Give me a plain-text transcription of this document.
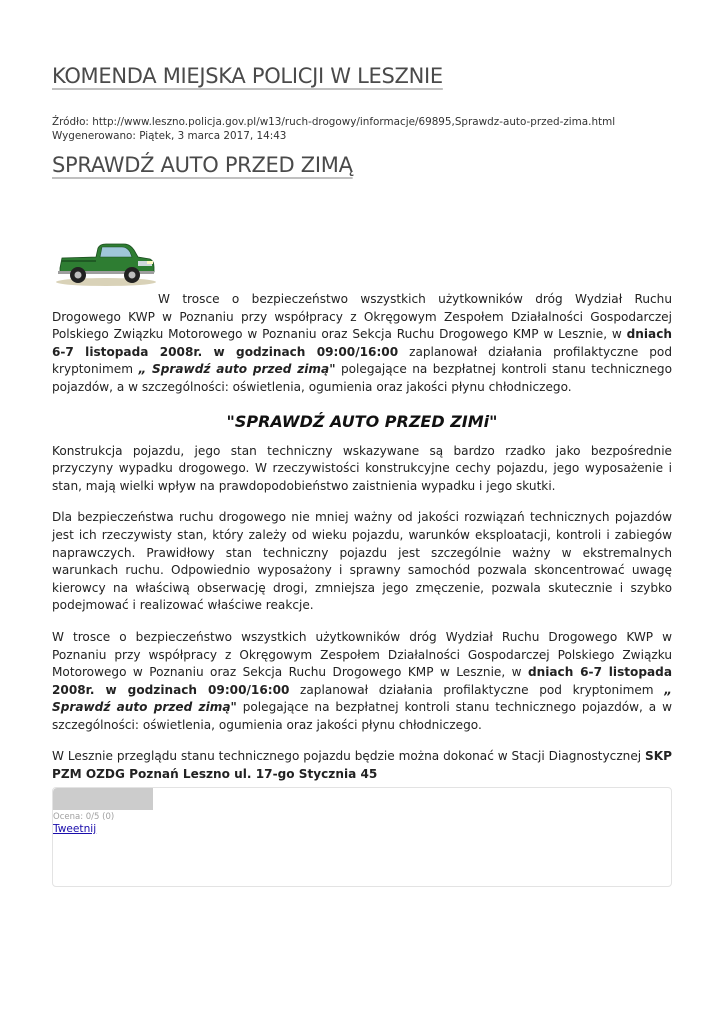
KOMENDA MIEJSKA POLICJI W LESZNIE
Źródło: http://www.leszno.policja.gov.pl/w13/ruch-drogowy/informacje/69895,Sprawdz-auto-przed-zima.html
Wygenerowano: Piątek, 3 marca 2017, 14:43
SPRAWDŹ AUTO PRZED ZIMĄ

W trosce o bezpieczeństwo wszystkich użytkowników dróg Wydział Ruchu Drogowego KWP w Poznaniu przy współpracy z Okręgowym Zespołem Działalności Gospodarczej Polskiego Związku Motorowego w Poznaniu oraz Sekcja Ruchu Drogowego KMP w Lesznie, w dniach 6-7 listopada 2008r. w godzinach 09:00/16:00 zaplanował działania profilaktyczne pod kryptonimem „ Sprawdź auto przed zimą" polegające na bezpłatnej kontroli stanu technicznego pojazdów, a w szczególności: oświetlenia, ogumienia oraz jakości płynu chłodniczego.

"SPRAWDŹ AUTO PRZED ZIMi"

Konstrukcja pojazdu, jego stan techniczny wskazywane są bardzo rzadko jako bezpośrednie przyczyny wypadku drogowego. W rzeczywistości konstrukcyjne cechy pojazdu, jego wyposażenie i stan, mają wielki wpływ na prawdopodobieństwo zaistnienia wypadku i jego skutki.

Dla bezpieczeństwa ruchu drogowego nie mniej ważny od jakości rozwiązań technicznych pojazdów jest ich rzeczywisty stan, który zależy od wieku pojazdu, warunków eksploatacji, kontroli i zabiegów naprawczych. Prawidłowy stan techniczny pojazdu jest szczególnie ważny w ekstremalnych warunkach ruchu. Odpowiednio wyposażony i sprawny samochód pozwala skoncentrować uwagę kierowcy na właściwą obserwację drogi, zmniejsza jego zmęczenie, pozwala skutecznie i szybko podejmować i realizować właściwe reakcje.

W trosce o bezpieczeństwo wszystkich użytkowników dróg Wydział Ruchu Drogowego KWP w Poznaniu przy współpracy z Okręgowym Zespołem Działalności Gospodarczej Polskiego Związku Motorowego w Poznaniu oraz Sekcja Ruchu Drogowego KMP w Lesznie, w dniach 6-7 listopada 2008r. w godzinach 09:00/16:00 zaplanował działania profilaktyczne pod kryptonimem „ Sprawdź auto przed zimą" polegające na bezpłatnej kontroli stanu technicznego pojazdów, a w szczególności: oświetlenia, ogumienia oraz jakości płynu chłodniczego.

W Lesznie przeglądu stanu technicznego pojazdu będzie można dokonać w Stacji Diagnostycznej SKP PZM OZDG Poznań Leszno ul. 17-go Stycznia 45

Ocena: 0/5 (0)
Tweetnij
